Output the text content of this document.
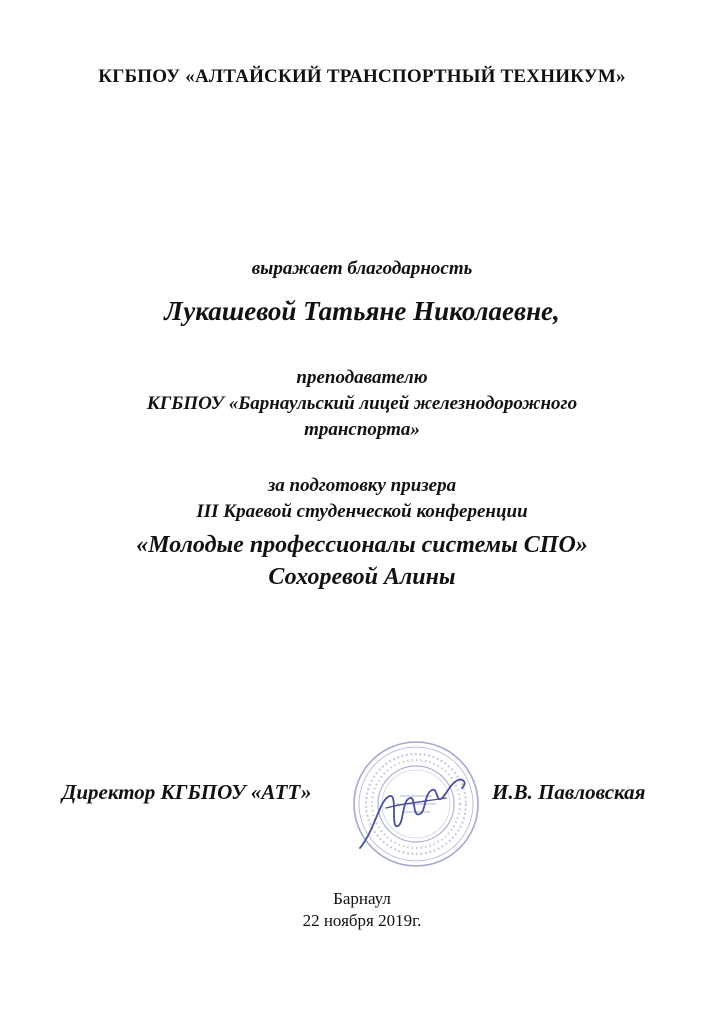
КГБПОУ «АЛТАЙСКИЙ ТРАНСПОРТНЫЙ ТЕХНИКУМ»
выражает благодарность
Лукашевой Татьяне Николаевне,
преподавателю
КГБПОУ «Барнаульский лицей железнодорожного
транспорта»
за подготовку призера
III Краевой студенческой конференции
«Молодые профессионалы системы СПО»
Сохоревой Алины
Директор КГБПОУ «АТТ»	И.В. Павловская
Барнаул
22 ноября 2019г.
